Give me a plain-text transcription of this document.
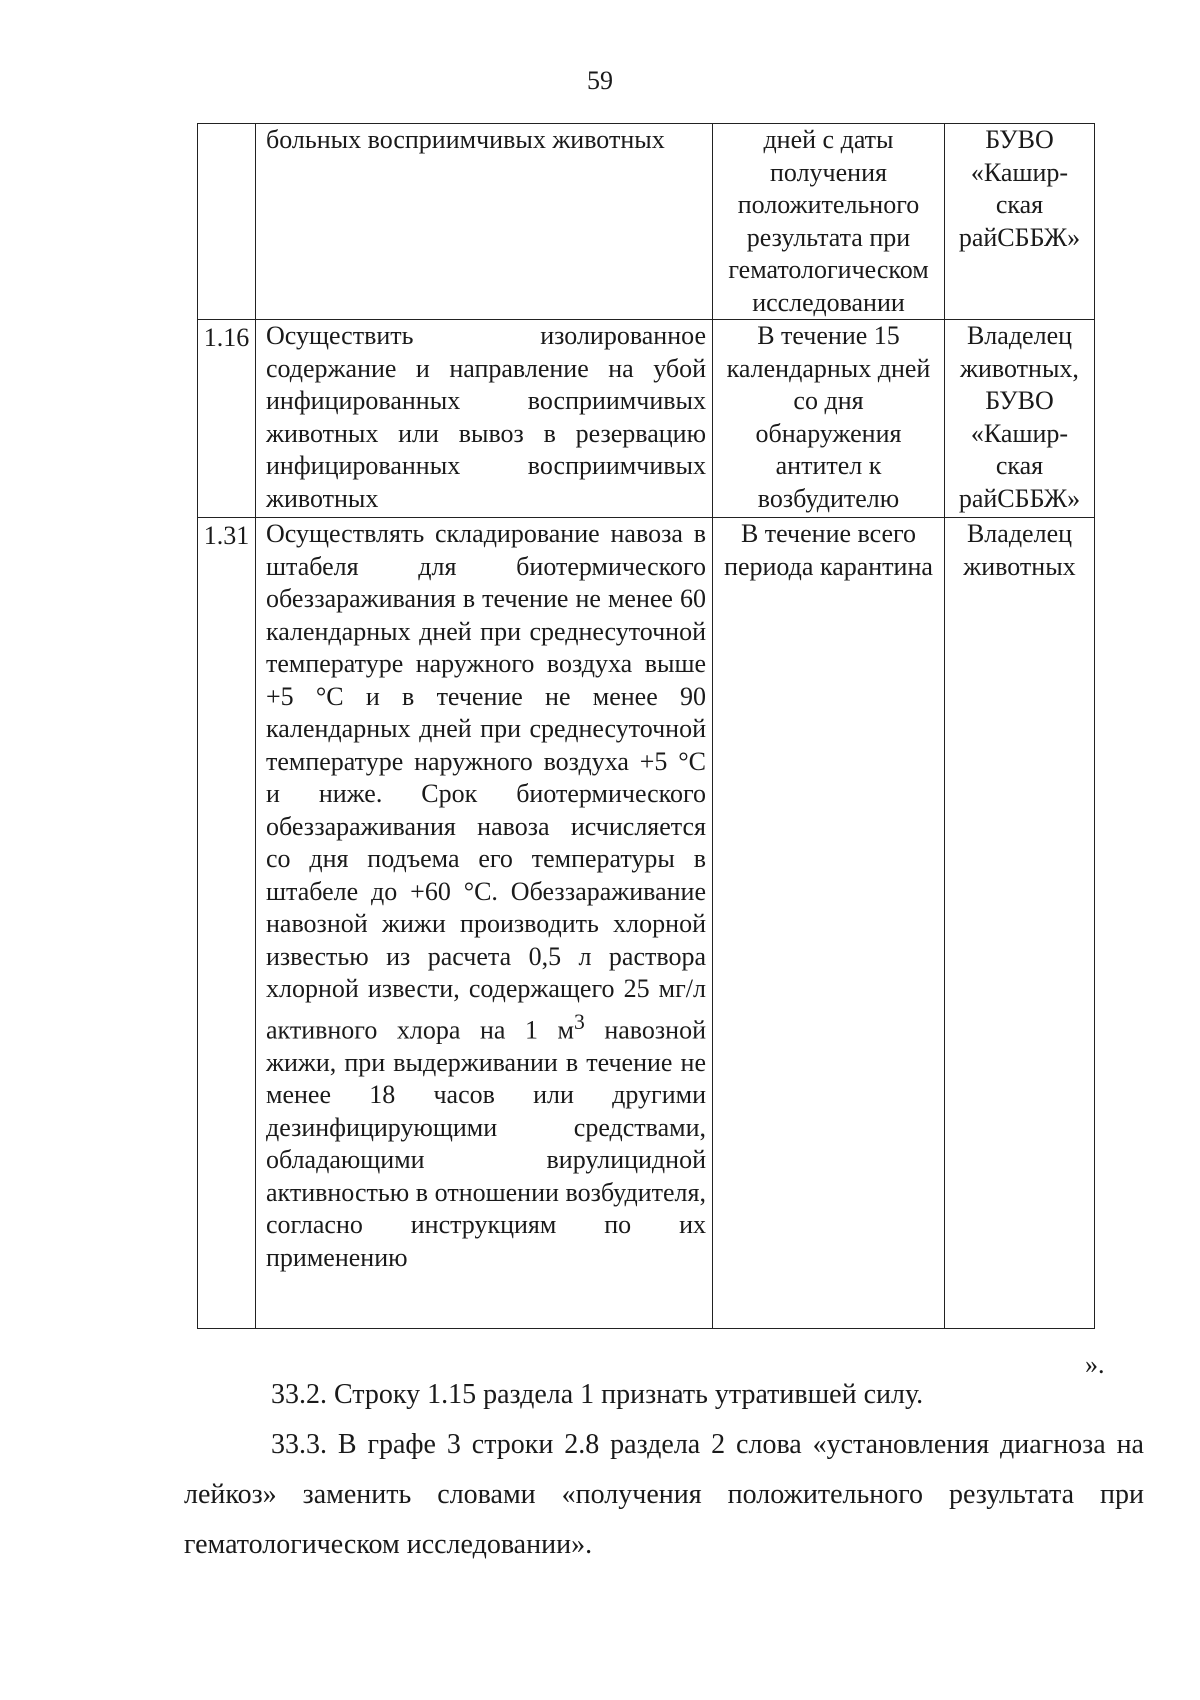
59
	больных восприимчивых животных	дней с даты получения положительного результата при гематологическом исследовании	БУВО «Кашир-ская райСББЖ»
1.16	Осуществить изолированное содержание и направление на убой инфицированных восприимчивых животных или вывоз в резервацию инфицированных восприимчивых животных	В течение 15 календарных дней со дня обнаружения антител к возбудителю	Владелец животных, БУВО «Кашир-ская райСББЖ»
1.31	Осуществлять складирование навоза в штабеля для биотермического обеззараживания в течение не менее 60 календарных дней при среднесуточной температуре наружного воздуха выше +5 °С и в течение не менее 90 календарных дней при среднесуточной температуре наружного воздуха +5 °С и ниже. Срок биотермического обеззараживания навоза исчисляется со дня подъема его температуры в штабеле до +60 °С. Обеззараживание навозной жижи производить хлорной известью из расчета 0,5 л раствора хлорной извести, содержащего 25 мг/л активного хлора на 1 $м^3$ навозной жижи, при выдерживании в течение не менее 18 часов или другими дезинфицирующими средствами, обладающими вирулицидной активностью в отношении возбудителя, согласно инструкциям по их применению	В течение всего периода карантина	Владелец животных
».

33.2. Строку 1.15 раздела 1 признать утратившей силу.

33.3. В графе 3 строки 2.8 раздела 2 слова «установления диагноза на лейкоз» заменить словами «получения положительного результата при гематологическом исследовании».
